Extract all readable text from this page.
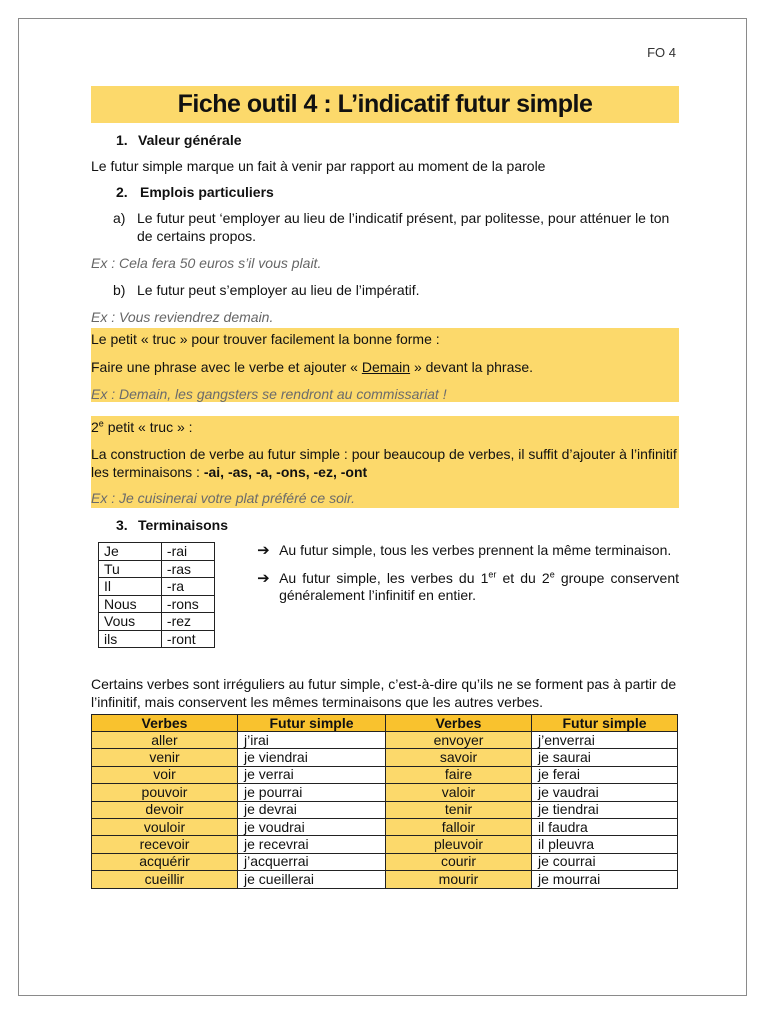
FO 4
Fiche outil 4 : L’indicatif futur simple
1. Valeur générale
Le futur simple marque un fait à venir par rapport au moment de la parole
2. Emplois particuliers
a) Le futur peut ‘employer au lieu de l’indicatif présent, par politesse, pour atténuer le ton de certains propos.
Ex : Cela fera 50 euros s’il vous plait.
b) Le futur peut s’employer au lieu de l’impératif.
Ex : Vous reviendrez demain.
Le petit « truc » pour trouver facilement la bonne forme :
Faire une phrase avec le verbe et ajouter « Demain » devant la phrase.
Ex : Demain, les gangsters se rendront au commissariat !
2e petit « truc » :
La construction de verbe au futur simple : pour beaucoup de verbes, il suffit d’ajouter à l’infinitif les terminaisons : -ai, -as, -a, -ons, -ez, -ont
Ex : Je cuisinerai votre plat préféré ce soir.
3. Terminaisons
Je	-rai
Tu	-ras
Il	-ra
Nous	-rons
Vous	-rez
ils	-ront
➔ Au futur simple, tous les verbes prennent la même terminaison.
➔ Au futur simple, les verbes du 1er et du 2e groupe conservent généralement l’infinitif en entier.
Certains verbes sont irréguliers au futur simple, c’est-à-dire qu’ils ne se forment pas à partir de l’infinitif, mais conservent les mêmes terminaisons que les autres verbes.
Verbes	Futur simple	Verbes	Futur simple
aller	j’irai	envoyer	j’enverrai
venir	je viendrai	savoir	je saurai
voir	je verrai	faire	je ferai
pouvoir	je pourrai	valoir	je vaudrai
devoir	je devrai	tenir	je tiendrai
vouloir	je voudrai	falloir	il faudra
recevoir	je recevrai	pleuvoir	il pleuvra
acquérir	j’acquerrai	courir	je courrai
cueillir	je cueillerai	mourir	je mourrai
